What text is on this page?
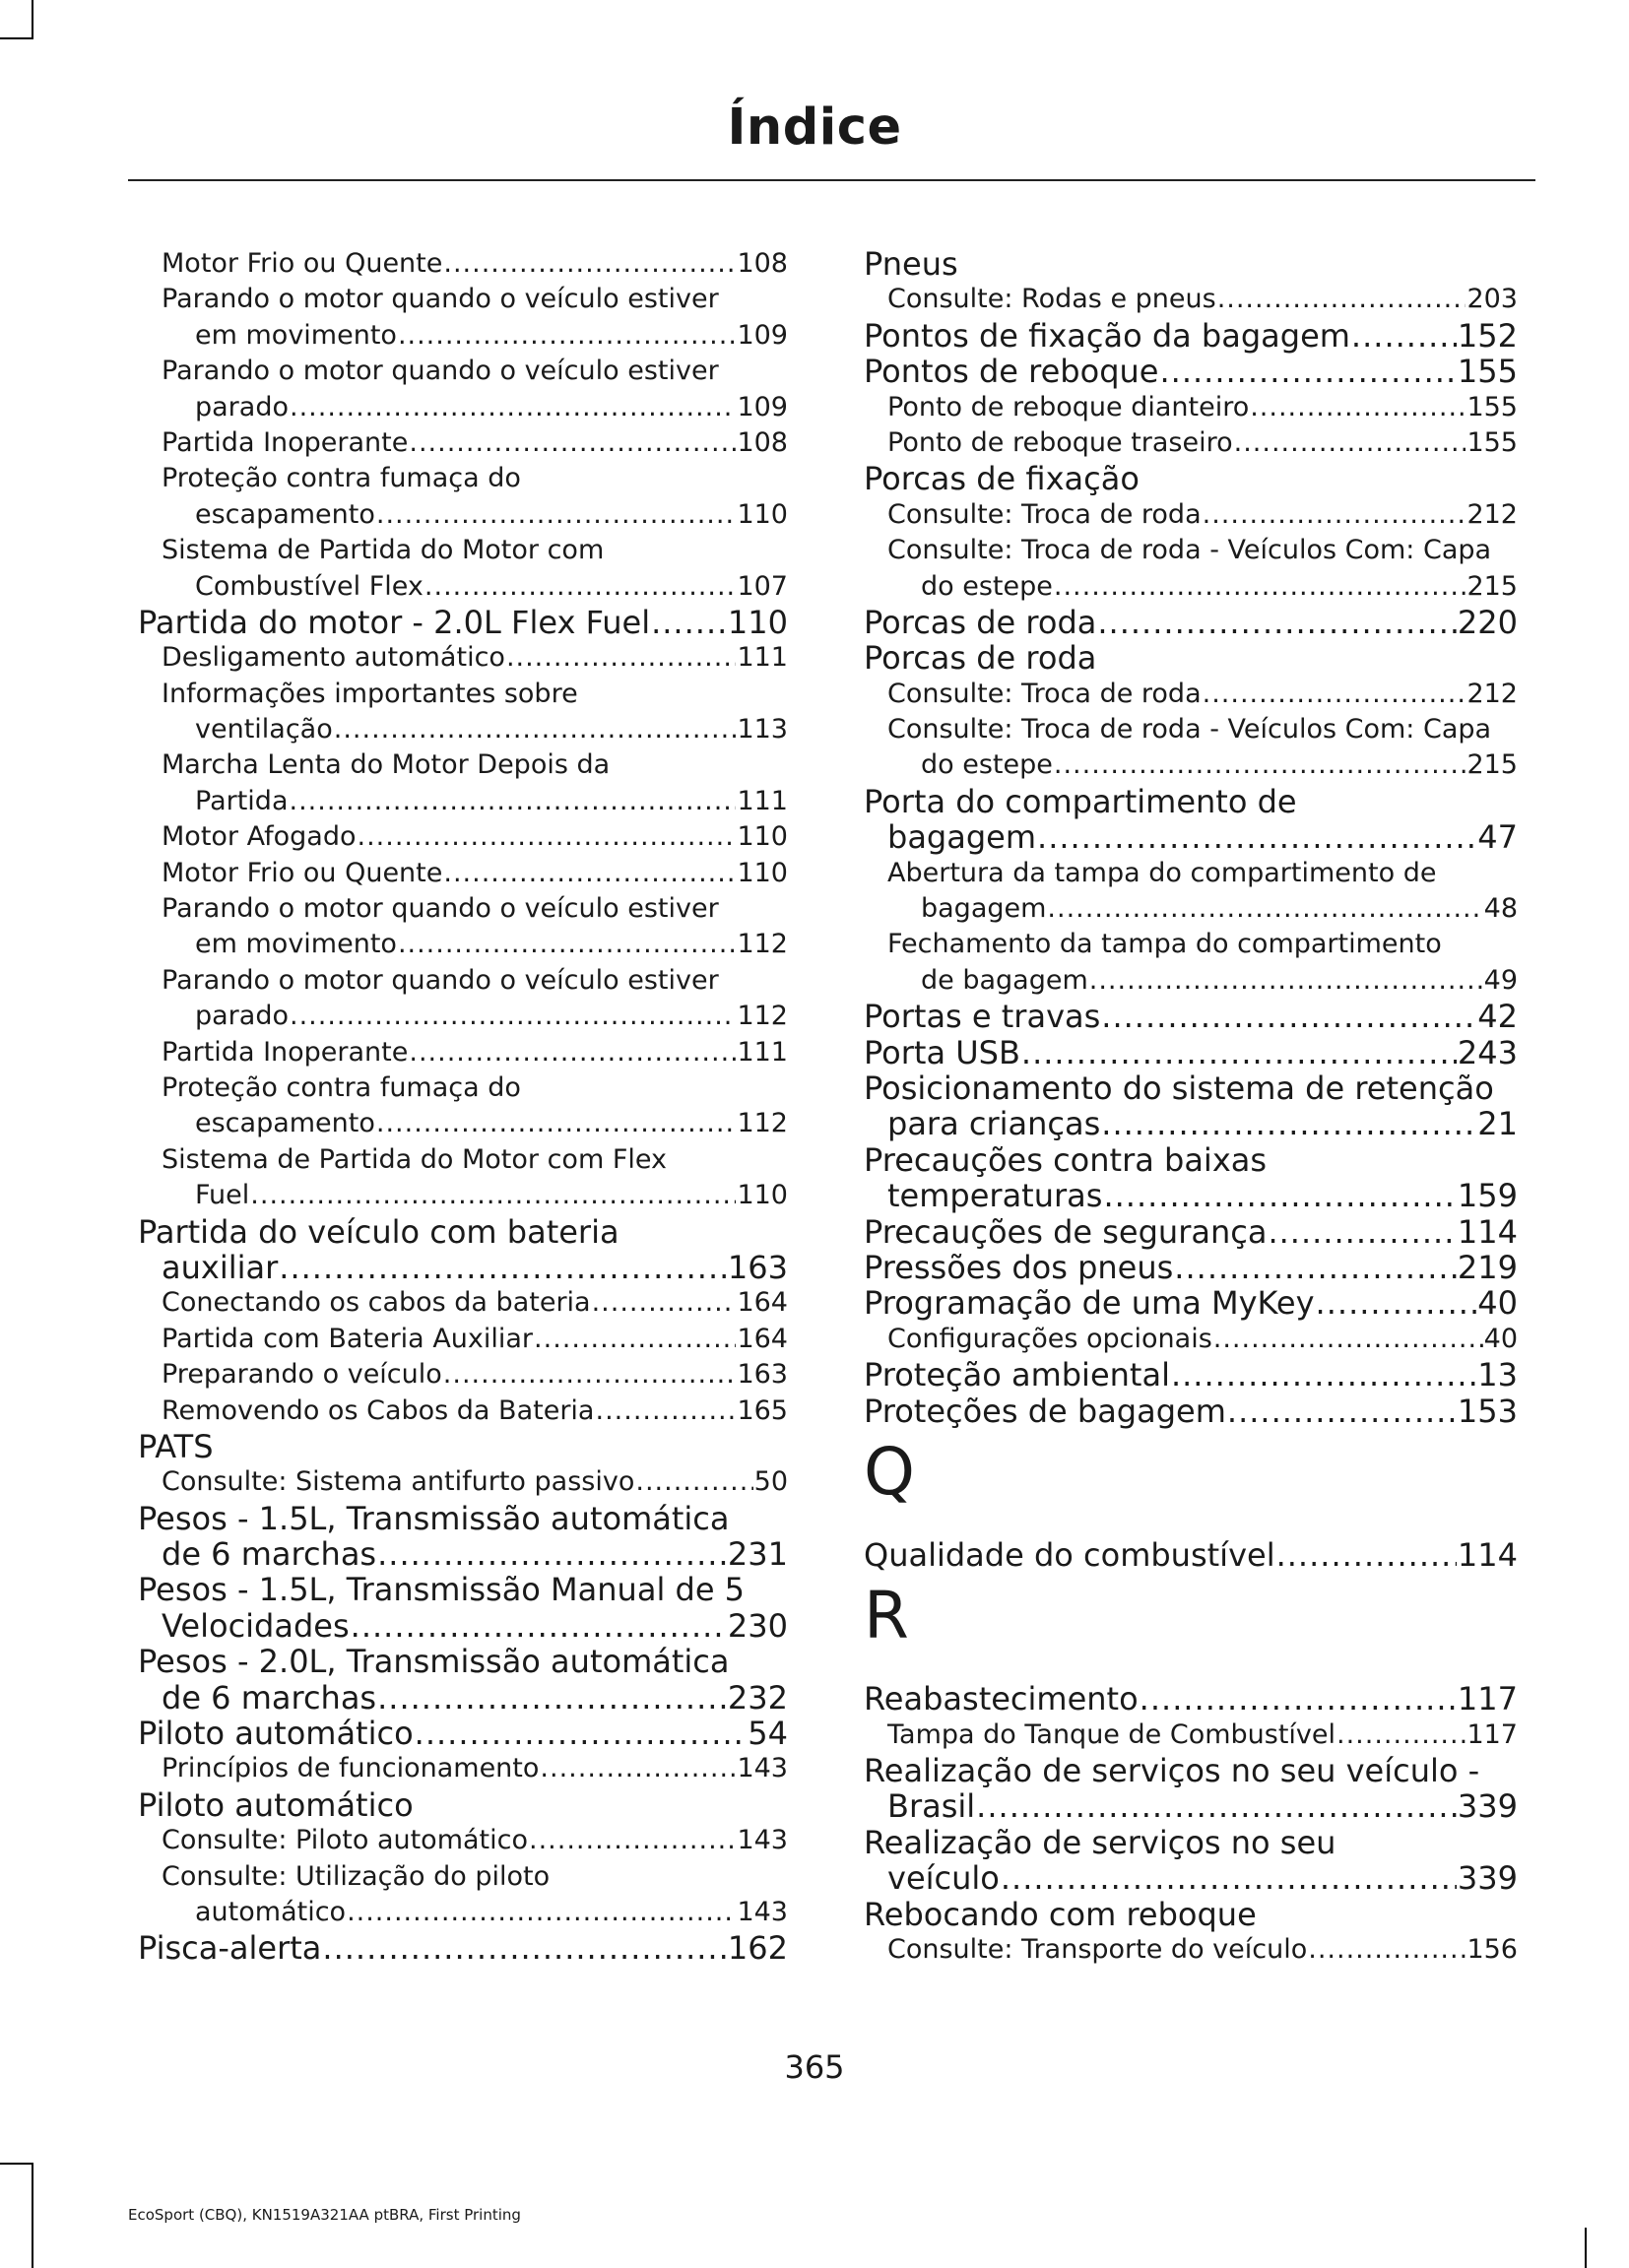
Índice
Motor Frio ou Quente .....	108
Parando o motor quando o veículo estiver
em movimento .....	109
Parando o motor quando o veículo estiver
parado .....	109
Partida Inoperante .....	108
Proteção contra fumaça do
escapamento .....	110
Sistema de Partida do Motor com
Combustível Flex .....	107
Partida do motor - 2.0L Flex Fuel ..... 110
Desligamento automático .....	111
Informações importantes sobre
ventilação .....	113
Marcha Lenta do Motor Depois da
Partida .....	111
Motor Afogado .....	110
Motor Frio ou Quente .....	110
Parando o motor quando o veículo estiver
em movimento .....	112
Parando o motor quando o veículo estiver
parado .....	112
Partida Inoperante .....	111
Proteção contra fumaça do
escapamento .....	112
Sistema de Partida do Motor com Flex
Fuel .....	110
Partida do veículo com bateria
auxiliar .....	163
Conectando os cabos da bateria .....	164
Partida com Bateria Auxiliar .....	164
Preparando o veículo .....	163
Removendo os Cabos da Bateria .....	165
PATS
Consulte: Sistema antifurto passivo .....	50
Pesos - 1.5L, Transmissão automática
de 6 marchas .....	231
Pesos - 1.5L, Transmissão Manual de 5
Velocidades .....	230
Pesos - 2.0L, Transmissão automática
de 6 marchas .....	232
Piloto automático .....	54
Princípios de funcionamento .....	143
Piloto automático
Consulte: Piloto automático .....	143
Consulte: Utilização do piloto
automático .....	143
Pisca-alerta .....	162
Pneus
Consulte: Rodas e pneus .....	203
Pontos de fixação da bagagem .....	152
Pontos de reboque .....	155
Ponto de reboque dianteiro .....	155
Ponto de reboque traseiro .....	155
Porcas de fixação
Consulte: Troca de roda .....	212
Consulte: Troca de roda - Veículos Com: Capa
do estepe .....	215
Porcas de roda .....	220
Porcas de roda
Consulte: Troca de roda .....	212
Consulte: Troca de roda - Veículos Com: Capa
do estepe .....	215
Porta do compartimento de
bagagem .....	47
Abertura da tampa do compartimento de
bagagem .....	48
Fechamento da tampa do compartimento
de bagagem .....	49
Portas e travas .....	42
Porta USB .....	243
Posicionamento do sistema de retenção
para crianças .....	21
Precauções contra baixas
temperaturas .....	159
Precauções de segurança .....	114
Pressões dos pneus .....	219
Programação de uma MyKey .....	40
Configurações opcionais .....	40
Proteção ambiental .....	13
Proteções de bagagem .....	153
Q
Qualidade do combustível .....	114
R
Reabastecimento .....	117
Tampa do Tanque de Combustível .....	117
Realização de serviços no seu veículo -
Brasil .....	339
Realização de serviços no seu
veículo .....	339
Rebocando com reboque
Consulte: Transporte do veículo .....	156
365
EcoSport (CBQ), KN1519A321AA ptBRA, First Printing
